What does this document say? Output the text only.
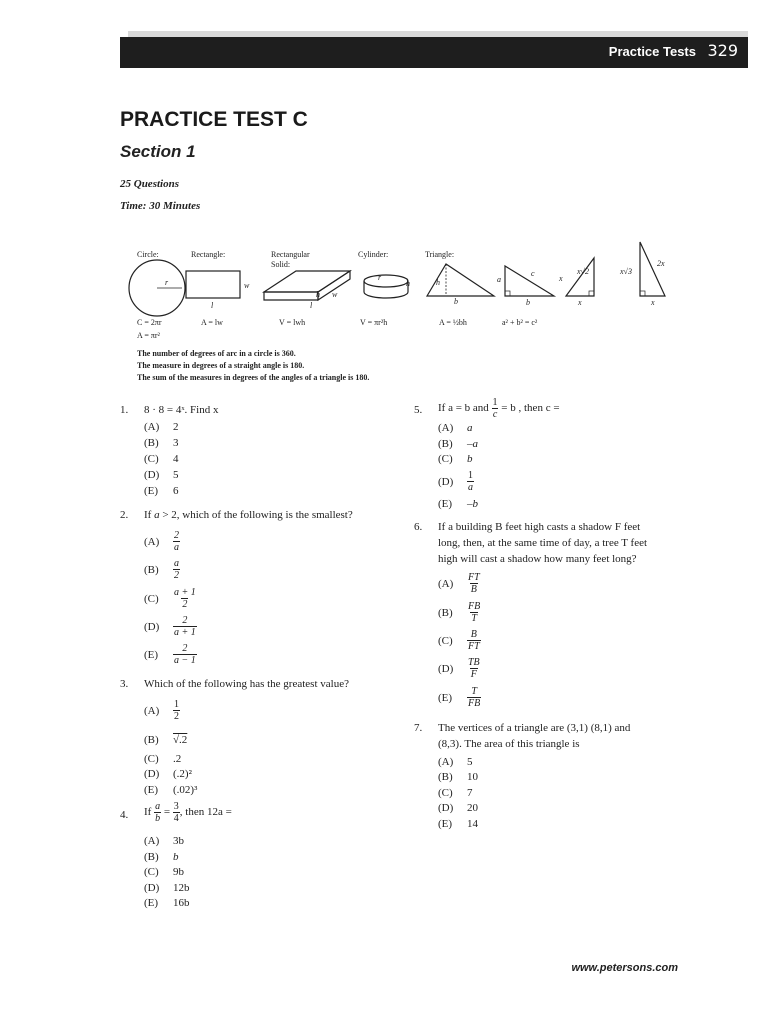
Practice Tests 329
PRACTICE TEST C
Section 1
25 Questions
Time: 30 Minutes
Circle:	Rectangle:	Rectangular
Solid:
Cylinder:	Triangle:
r
l
w
l
h w
r
h	h
b
a
c
b
x
x√2
x
x√3
2x
x
C = 2πr
A = πr²
A = lw	V = lwh	V = πr²h	A = ½bh	a² + b² = c²
The number of degrees of arc in a circle is 360.
The measure in degrees of a straight angle is 180.
The sum of the measures in degrees of the angles of a triangle is 180.
1. 8 · 8 = 4ˣ. Find x
(A) 2
(B) 3
(C) 4
(D) 5
(E) 6
2. If a > 2, which of the following is the smallest?
$(A) \frac{2}{a}$
$(B) \frac{a}{2}$
$(C) \frac{a + 1}{2}$
$(D) \frac{2}{a + 1}$
$(E) \frac{2}{a - 1}$
3. Which of the following has the greatest value?
$(A) \frac{1}{2}$
(B) √.2
(C) .2
(D) (.2)²
(E) (.02)³
4. If $\frac{a}{b} = \frac{3}{4}$ , then 12a =
(A) 3b
(B) b
(C) 9b
(D) 12b
(E) 16b
5. If a = b and $\frac{1}{c} = b$ , then c =
(A) a
(B) –a
(C) b
$(D) \frac{1}{a}$
(E) –b
6. If a building B feet high casts a shadow F feet
long, then, at the same time of day, a tree T feet
high will cast a shadow how many feet long?
$(A) \frac{FT}{B}$
$(B) \frac{FB}{T}$
$(C) \frac{B}{FT}$
$(D) \frac{TB}{F}$
$(E) \frac{T}{FB}$
7. The vertices of a triangle are (3,1) (8,1) and
(8,3). The area of this triangle is
(A) 5
(B) 10
(C) 7
(D) 20
(E) 14
www.petersons.com
